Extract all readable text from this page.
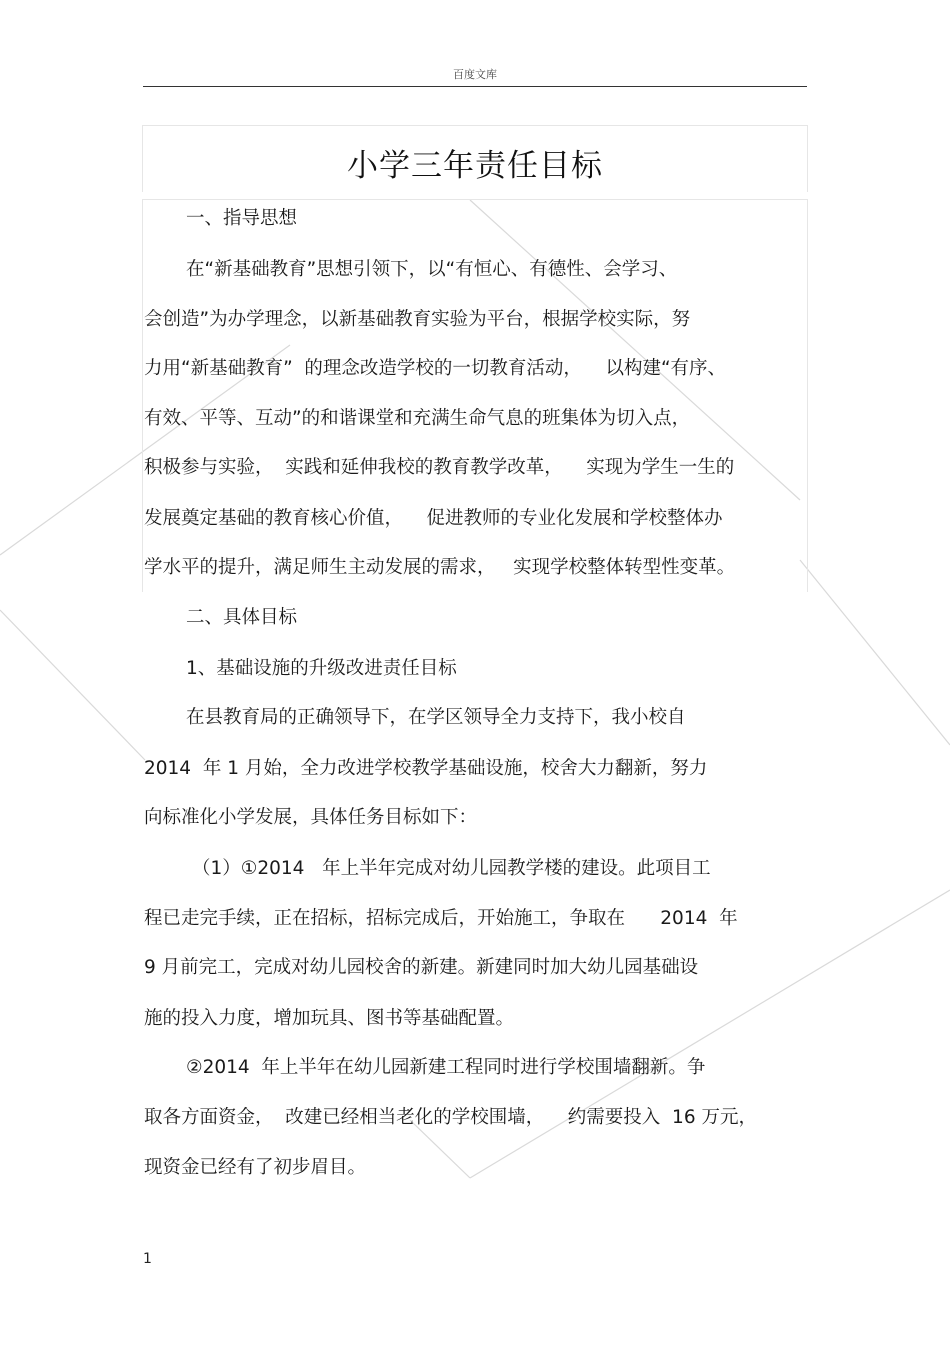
百度文库
小学三年责任目标
一、指导思想
在“新基础教育”思想引领下，以“有恒心、有德性、会学习、
会创造”为办学理念，以新基础教育实验为平台，根据学校实际，努
力用“新基础教育”  的理念改造学校的一切教育活动，    以构建“有序、
有效、平等、互动”的和谐课堂和充满生命气息的班集体为切入点，
积极参与实验，  实践和延伸我校的教育教学改革，    实现为学生一生的
发展奠定基础的教育核心价值，    促进教师的专业化发展和学校整体办
学水平的提升，满足师生主动发展的需求，   实现学校整体转型性变革。
二、具体目标
1、基础设施的升级改进责任目标
在县教育局的正确领导下，在学区领导全力支持下，我小校自
2014  年 1 月始，全力改进学校教学基础设施，校舍大力翻新，努力
向标准化小学发展，具体任务目标如下：
（1）①2014   年上半年完成对幼儿园教学楼的建设。此项目工
程已走完手续，正在招标，招标完成后，开始施工，争取在      2014  年
9 月前完工，完成对幼儿园校舍的新建。新建同时加大幼儿园基础设
施的投入力度，增加玩具、图书等基础配置。
②2014  年上半年在幼儿园新建工程同时进行学校围墙翻新。争
取各方面资金，  改建已经相当老化的学校围墙，    约需要投入  16 万元，
现资金已经有了初步眉目。
1
